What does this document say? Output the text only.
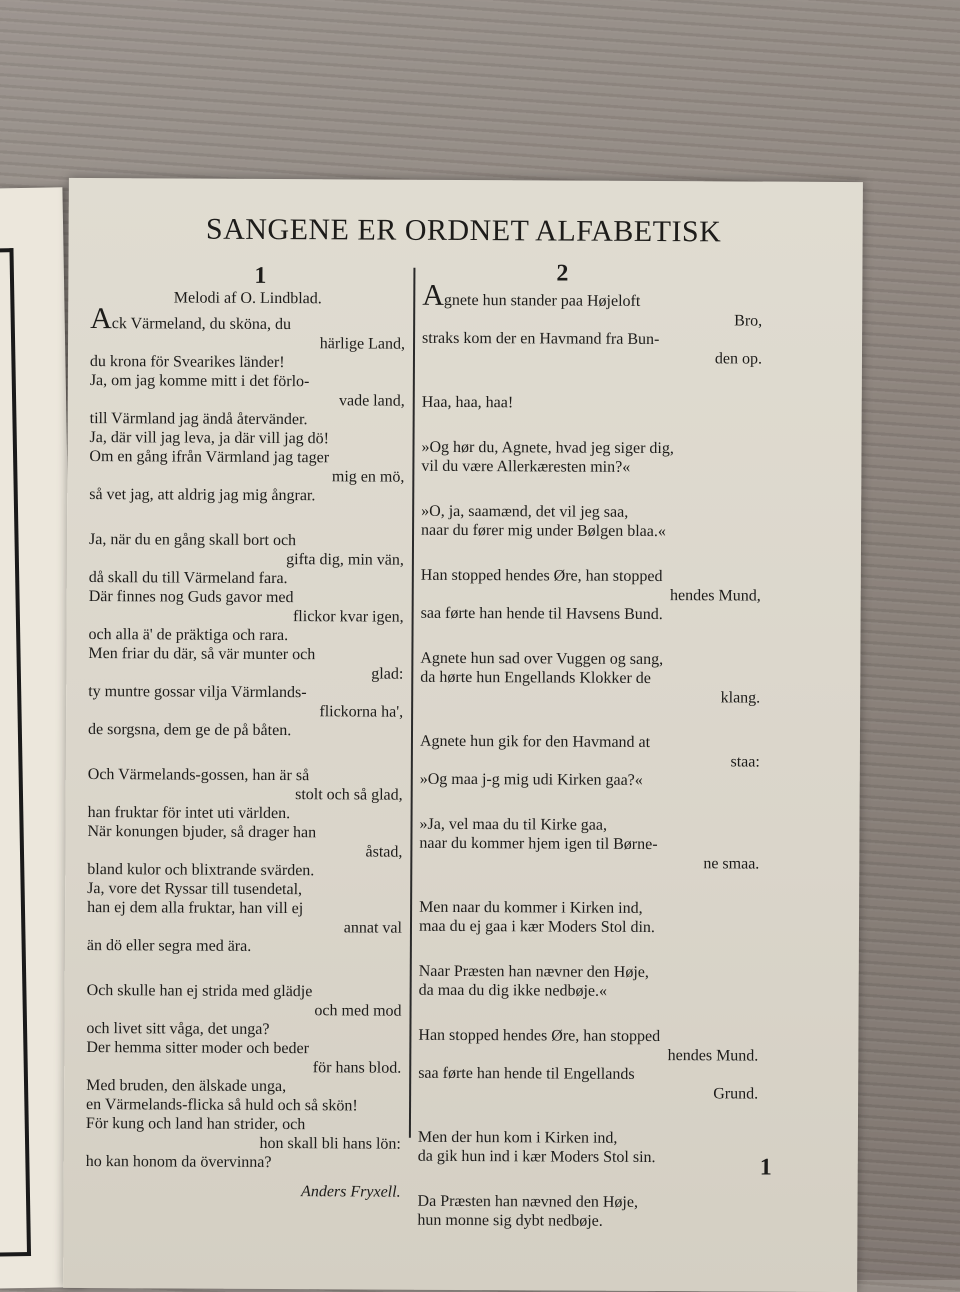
SANGENE ER ORDNET ALFABETISK
1	2
Melodi af O. Lindblad.
Ack Värmeland, du sköna, du
härlige Land,
du krona för Svearikes länder!
Ja, om jag komme mitt i det förlo-
vade land,
till Värmland jag ändå återvänder.
Ja, där vill jag leva, ja där vill jag dö!
Om en gång ifrån Värmland jag tager
mig en mö,
så vet jag, att aldrig jag mig ångrar.
Ja, när du en gång skall bort och
gifta dig, min vän,
då skall du till Värmeland fara.
Där finnes nog Guds gavor med
flickor kvar igen,
och alla ä' de präktiga och rara.
Men friar du där, så vär munter och
glad:
ty muntre gossar vilja Värmlands-
flickorna ha',
de sorgsna, dem ge de på båten.
Och Värmelands-gossen, han är så
stolt och så glad,
han fruktar för intet uti världen.
När konungen bjuder, så drager han
åstad,
bland kulor och blixtrande svärden.
Ja, vore det Ryssar till tusendetal,
han ej dem alla fruktar, han vill ej
annat val
än dö eller segra med ära.
Och skulle han ej strida med glädje
och med mod
och livet sitt våga, det unga?
Der hemma sitter moder och beder
för hans blod.
Med bruden, den älskade unga,
en Värmelands-flicka så huld och så skön!
För kung och land han strider, och
hon skall bli hans lön:
ho kan honom da övervinna?
Anders Fryxell.
Agnete hun stander paa Højeloft
Bro,
straks kom der en Havmand fra Bun-
den op.
Haa, haa, haa!
»Og hør du, Agnete, hvad jeg siger dig,
vil du være Allerkæresten min?«
»O, ja, saamænd, det vil jeg saa,
naar du fører mig under Bølgen blaa.«
Han stopped hendes Øre, han stopped
hendes Mund,
saa førte han hende til Havsens Bund.
Agnete hun sad over Vuggen og sang,
da hørte hun Engellands Klokker de
klang.
Agnete hun gik for den Havmand at
staa:
»Og maa j-g mig udi Kirken gaa?«
»Ja, vel maa du til Kirke gaa,
naar du kommer hjem igen til Børne-
ne smaa.
Men naar du kommer i Kirken ind,
maa du ej gaa i kær Moders Stol din.
Naar Præsten han nævner den Høje,
da maa du dig ikke nedbøje.«
Han stopped hendes Øre, han stopped
hendes Mund.
saa førte han hende til Engellands
Grund.
Men der hun kom i Kirken ind,
da gik hun ind i kær Moders Stol sin.
Da Præsten han nævned den Høje,
hun monne sig dybt nedbøje.
1
